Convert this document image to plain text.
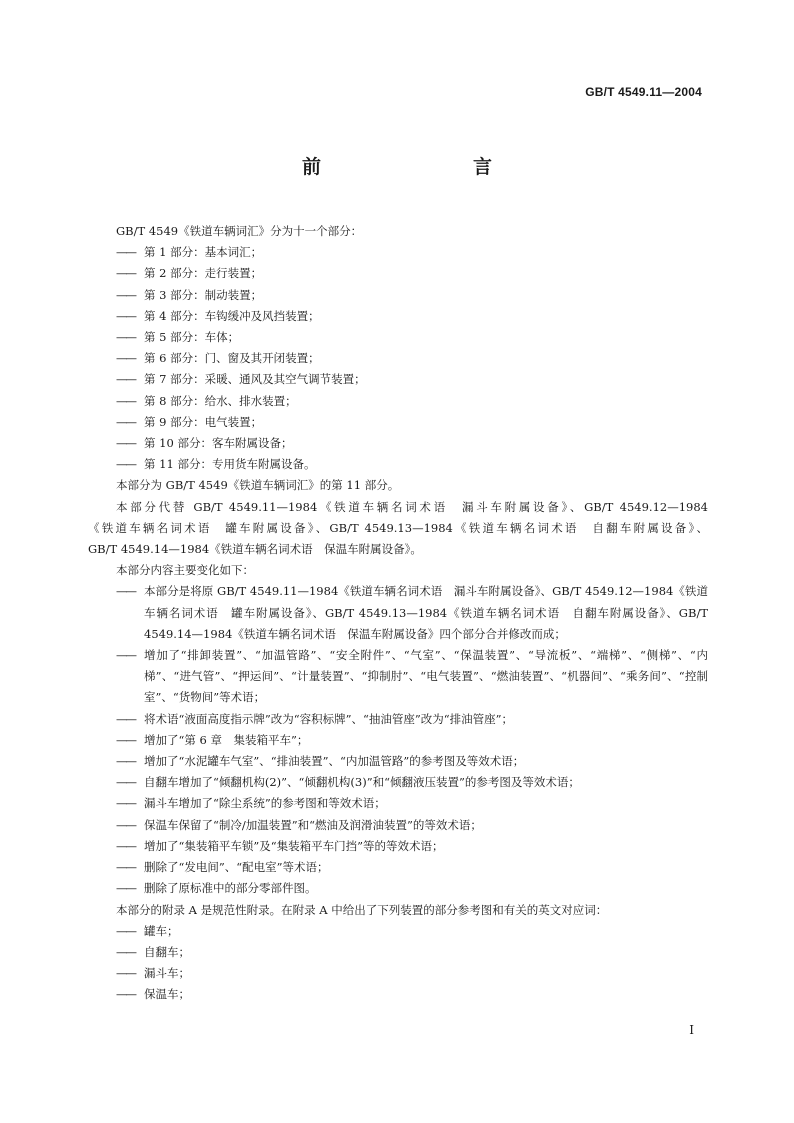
GB/T 4549.11—2004
前　　言
GB/T 4549《铁道车辆词汇》分为十一个部分：
—— 第 1 部分：基本词汇；
—— 第 2 部分：走行装置；
—— 第 3 部分：制动装置；
—— 第 4 部分：车钩缓冲及风挡装置；
—— 第 5 部分：车体；
—— 第 6 部分：门、窗及其开闭装置；
—— 第 7 部分：采暖、通风及其空气调节装置；
—— 第 8 部分：给水、排水装置；
—— 第 9 部分：电气装置；
—— 第 10 部分：客车附属设备；
—— 第 11 部分：专用货车附属设备。
本部分为 GB/T 4549《铁道车辆词汇》的第 11 部分。
本部分代替 GB/T 4549.11—1984《铁道车辆名词术语　漏斗车附属设备》、GB/T 4549.12—1984
《铁道车辆名词术语　罐车附属设备》、GB/T 4549.13—1984《铁道车辆名词术语　自翻车附属设备》、
GB/T 4549.14—1984《铁道车辆名词术语　保温车附属设备》。
本部分内容主要变化如下：
—— 本部分是将原 GB/T 4549.11—1984《铁道车辆名词术语　漏斗车附属设备》、GB/T 4549.12—1984《铁道车辆名词术语　罐车附属设备》、GB/T 4549.13—1984《铁道车辆名词术语　自翻车附属设备》、GB/T 4549.14—1984《铁道车辆名词术语　保温车附属设备》四个部分合并修改而成；
—— 增加了“排卸装置”、“加温管路”、“安全附件”、“气室”、“保温装置”、“导流板”、“端梯”、“侧梯”、“内梯”、“进气管”、“押运间”、“计量装置”、“抑制肘”、“电气装置”、“燃油装置”、“机器间”、“乘务间”、“控制室”、“货物间”等术语；
—— 将术语“液面高度指示牌”改为“容积标牌”、“抽油管座”改为“排油管座”；
—— 增加了“第 6 章　集装箱平车”；
—— 增加了“水泥罐车气室”、“排油装置”、“内加温管路”的参考图及等效术语；
—— 自翻车增加了“倾翻机构(2)”、“倾翻机构(3)”和“倾翻液压装置”的参考图及等效术语；
—— 漏斗车增加了“除尘系统”的参考图和等效术语；
—— 保温车保留了“制冷/加温装置”和“燃油及润滑油装置”的等效术语；
—— 增加了“集装箱平车锁”及“集装箱平车门挡”等的等效术语；
—— 删除了“发电间”、“配电室”等术语；
—— 删除了原标准中的部分零部件图。
本部分的附录 A 是规范性附录。在附录 A 中给出了下列装置的部分参考图和有关的英文对应词：
—— 罐车；
—— 自翻车；
—— 漏斗车；
—— 保温车；
I
